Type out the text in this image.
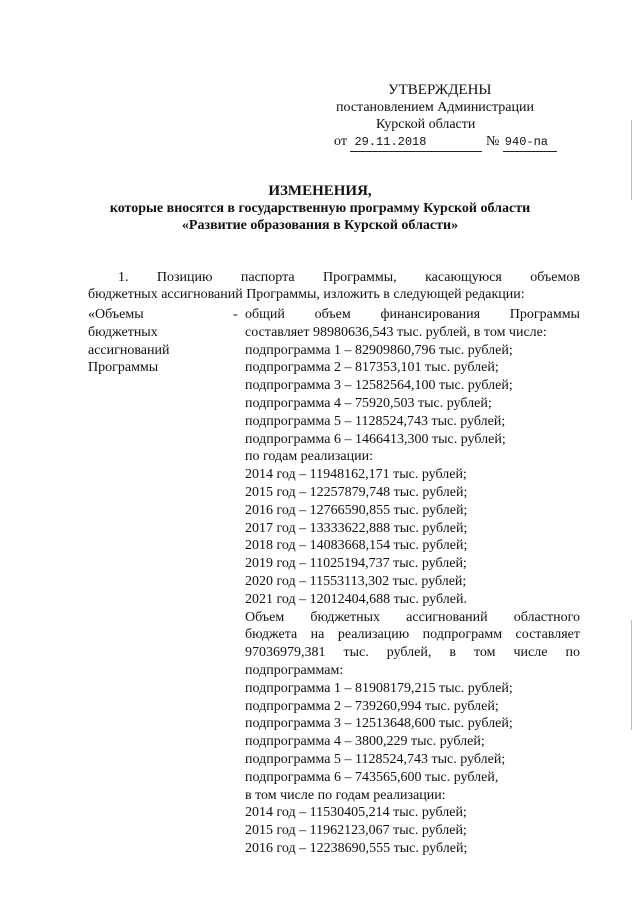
УТВЕРЖДЕНЫ
постановлением Администрации
Курской области
от 29.11.2018	№ 940-па
ИЗМЕНЕНИЯ,
которые вносятся в государственную программу Курской области
«Развитие образования в Курской области»
1. Позицию паспорта Программы, касающуюся объемов
бюджетных ассигнований Программы, изложить в следующей редакции:
«Объемы
бюджетных
ассигнований
Программы
- общий объем финансирования Программы
составляет 98980636,543 тыс. рублей, в том числе:
подпрограмма 1 – 82909860,796 тыс. рублей;
подпрограмма 2 – 817353,101 тыс. рублей;
подпрограмма 3 – 12582564,100 тыс. рублей;
подпрограмма 4 – 75920,503 тыс. рублей;
подпрограмма 5 – 1128524,743 тыс. рублей;
подпрограмма 6 – 1466413,300 тыс. рублей;
по годам реализации:
2014 год – 11948162,171 тыс. рублей;
2015 год – 12257879,748 тыс. рублей;
2016 год – 12766590,855 тыс. рублей;
2017 год – 13333622,888 тыс. рублей;
2018 год – 14083668,154 тыс. рублей;
2019 год – 11025194,737 тыс. рублей;
2020 год – 11553113,302 тыс. рублей;
2021 год – 12012404,688 тыс. рублей.
Объем бюджетных ассигнований областного
бюджета на реализацию подпрограмм составляет
97036979,381 тыс. рублей, в том числе по
подпрограммам:
подпрограмма 1 – 81908179,215 тыс. рублей;
подпрограмма 2 – 739260,994 тыс. рублей;
подпрограмма 3 – 12513648,600 тыс. рублей;
подпрограмма 4 – 3800,229 тыс. рублей;
подпрограмма 5 – 1128524,743 тыс. рублей;
подпрограмма 6 – 743565,600 тыс. рублей,
в том числе по годам реализации:
2014 год – 11530405,214 тыс. рублей;
2015 год – 11962123,067 тыс. рублей;
2016 год – 12238690,555 тыс. рублей;
